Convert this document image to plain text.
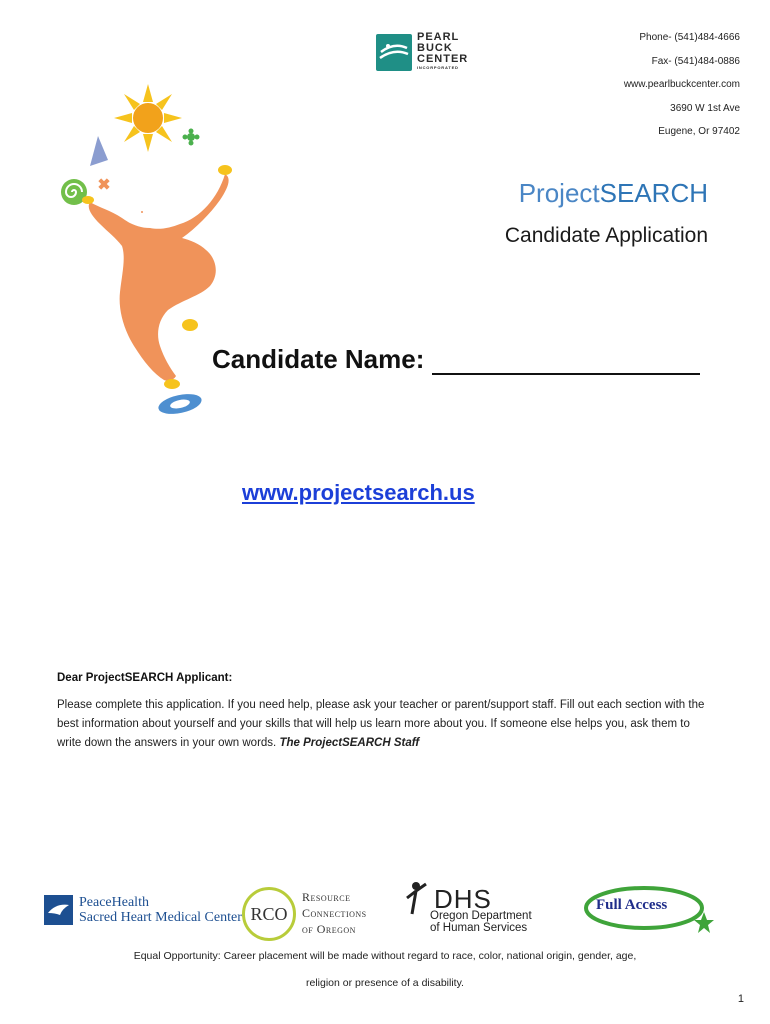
Phone- (541)484-4666
Fax- (541)484-0886
www.pearlbuckcenter.com
3690 W 1st Ave
Eugene, Or 97402
PEARL
BUCK
CENTER
INCORPORATED
ProjectSEARCH
Candidate Application
Candidate Name:
www.projectsearch.us
Dear ProjectSEARCH Applicant:
Please complete this application. If you need help, please ask your teacher or parent/support staff. Fill out each section with the best information about yourself and your skills that will help us learn more about you. If someone else helps you, ask them to write down the answers in your own words. The ProjectSEARCH Staff
PeaceHealth
Sacred Heart Medical Center RCO
Resource
Connections
of Oregon
DHS
Oregon Department
of Human Services
Full Access
Equal Opportunity: Career placement will be made without regard to race, color, national origin, gender, age,
religion or presence of a disability.
1
